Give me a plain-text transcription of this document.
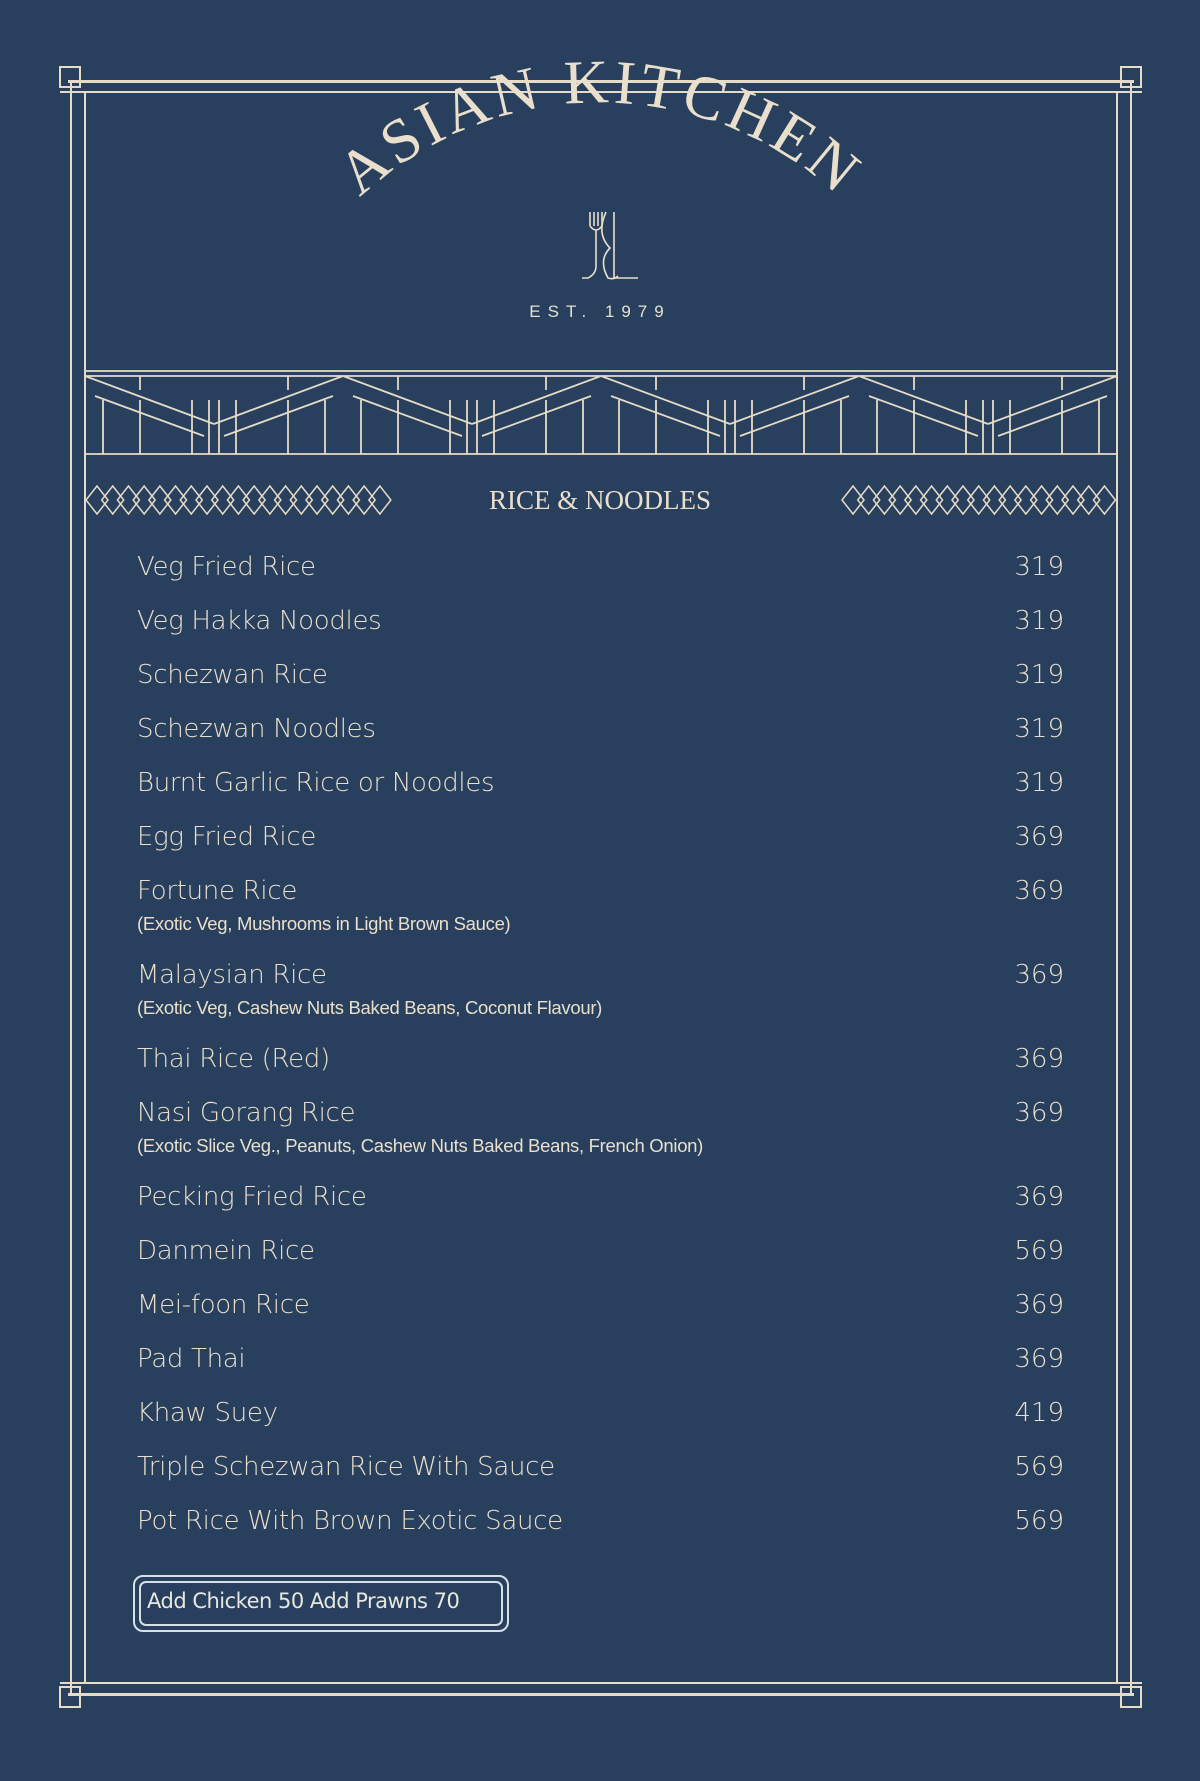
ASIAN KITCHEN
EST. 1979
RICE & NOODLES
Veg Fried Rice	319
Veg Hakka Noodles	319
Schezwan Rice	319
Schezwan Noodles	319
Burnt Garlic Rice or Noodles	319
Egg Fried Rice	369
Fortune Rice	369
(Exotic Veg, Mushrooms in Light Brown Sauce)
Malaysian Rice	369
(Exotic Veg, Cashew Nuts Baked Beans, Coconut Flavour)
Thai Rice (Red)	369
Nasi Gorang Rice	369
(Exotic Slice Veg., Peanuts, Cashew Nuts Baked Beans, French Onion)
Pecking Fried Rice	369
Danmein Rice	569
Mei-foon Rice	369
Pad Thai	369
Khaw Suey	419
Triple Schezwan Rice With Sauce	569
Pot Rice With Brown Exotic Sauce	569
Add Chicken 50 Add Prawns 70
